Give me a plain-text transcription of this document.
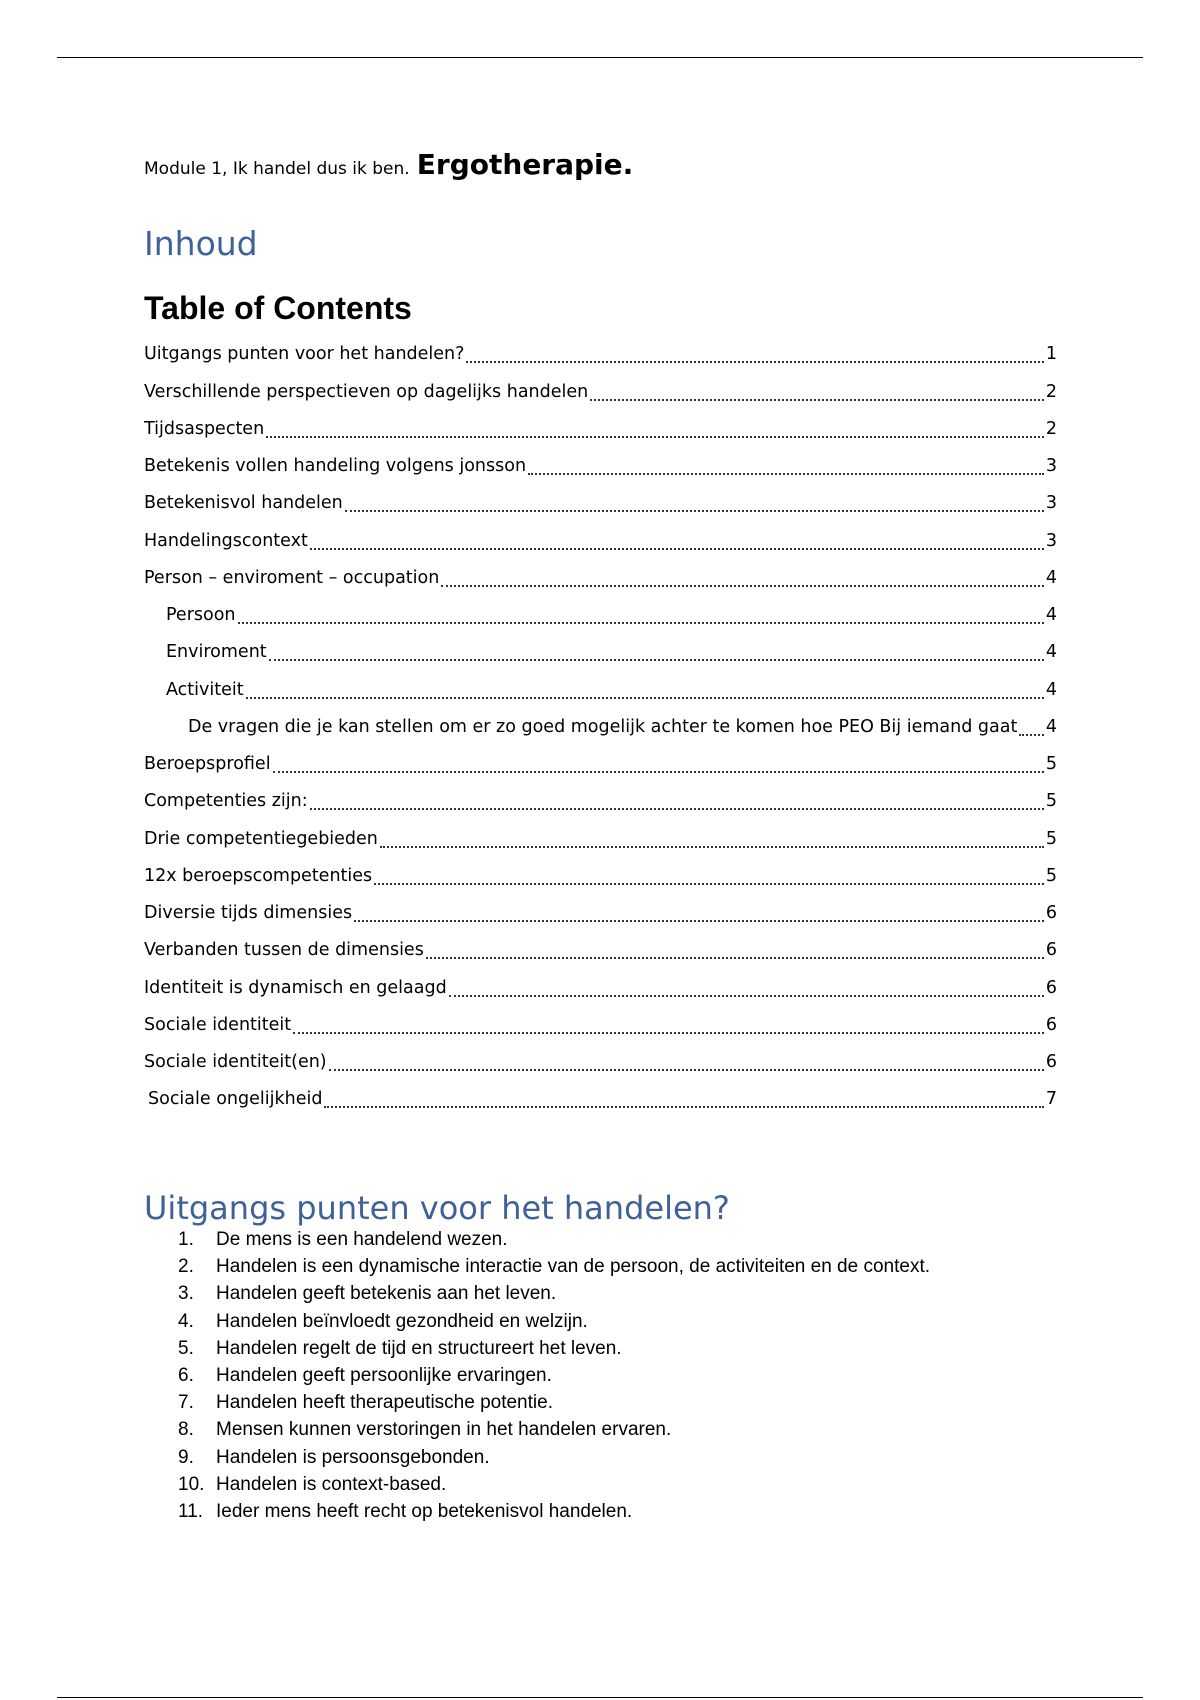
Module 1, Ik handel dus ik ben. Ergotherapie.
Inhoud
Table of Contents
Uitgangs punten voor het handelen?	1
Verschillende perspectieven op dagelijks handelen	2
Tijdsaspecten	2
Betekenis vollen handeling volgens jonsson	3
Betekenisvol handelen	3
Handelingscontext	3
Person – enviroment – occupation	4
Persoon	4
Enviroment	4
Activiteit	4
De vragen die je kan stellen om er zo goed mogelijk achter te komen hoe PEO Bij iemand gaat 4
Beroepsprofiel	5
Competenties zijn:	5
Drie competentiegebieden	5
12x beroepscompetenties	5
Diversie tijds dimensies	6
Verbanden tussen de dimensies	6
Identiteit is dynamisch en gelaagd	6
Sociale identiteit	6
Sociale identiteit(en)	6
Sociale ongelijkheid	7
Uitgangs punten voor het handelen?
1.	De mens is een handelend wezen.
2.	Handelen is een dynamische interactie van de persoon, de activiteiten en de context.
3.	Handelen geeft betekenis aan het leven.
4.	Handelen beïnvloedt gezondheid en welzijn.
5.	Handelen regelt de tijd en structureert het leven.
6.	Handelen geeft persoonlijke ervaringen.
7.	Handelen heeft therapeutische potentie.
8.	Mensen kunnen verstoringen in het handelen ervaren.
9.	Handelen is persoonsgebonden.
10. Handelen is context-based.
11. Ieder mens heeft recht op betekenisvol handelen.
